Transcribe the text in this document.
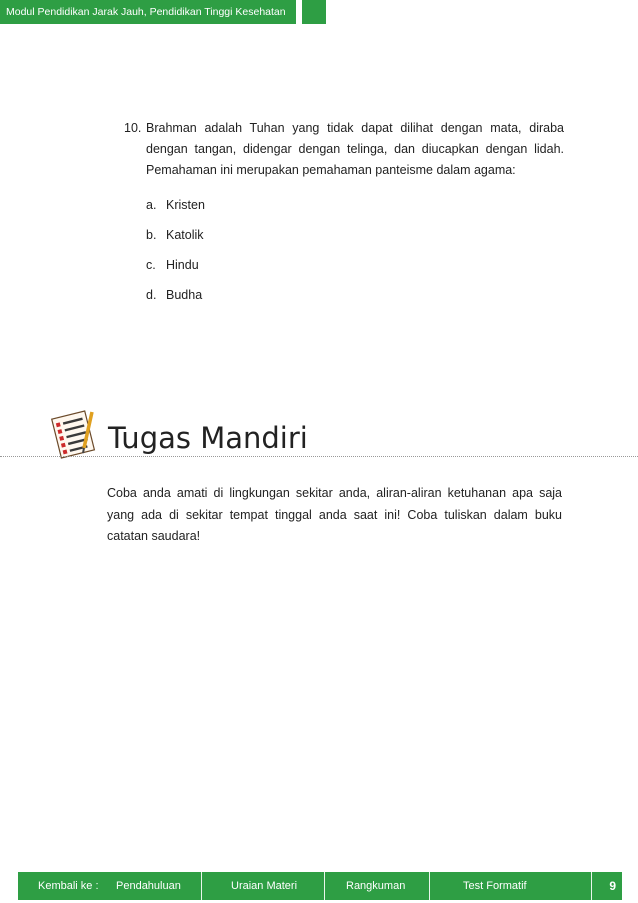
Modul Pendidikan Jarak Jauh, Pendidikan Tinggi Kesehatan
10. Brahman adalah Tuhan yang tidak dapat dilihat dengan mata, diraba dengan tangan, didengar dengan telinga, dan diucapkan dengan lidah. Pemahaman ini merupakan pemahaman panteisme dalam agama:
a. Kristen
b. Katolik
c. Hindu
d. Budha
Tugas Mandiri
Coba anda amati di lingkungan sekitar anda, aliran-aliran ketuhanan apa saja yang ada di sekitar tempat tinggal anda saat ini! Coba tuliskan dalam buku catatan saudara!
Kembali ke : Pendahuluan	Uraian Materi	Rangkuman	Test Formatif	9
